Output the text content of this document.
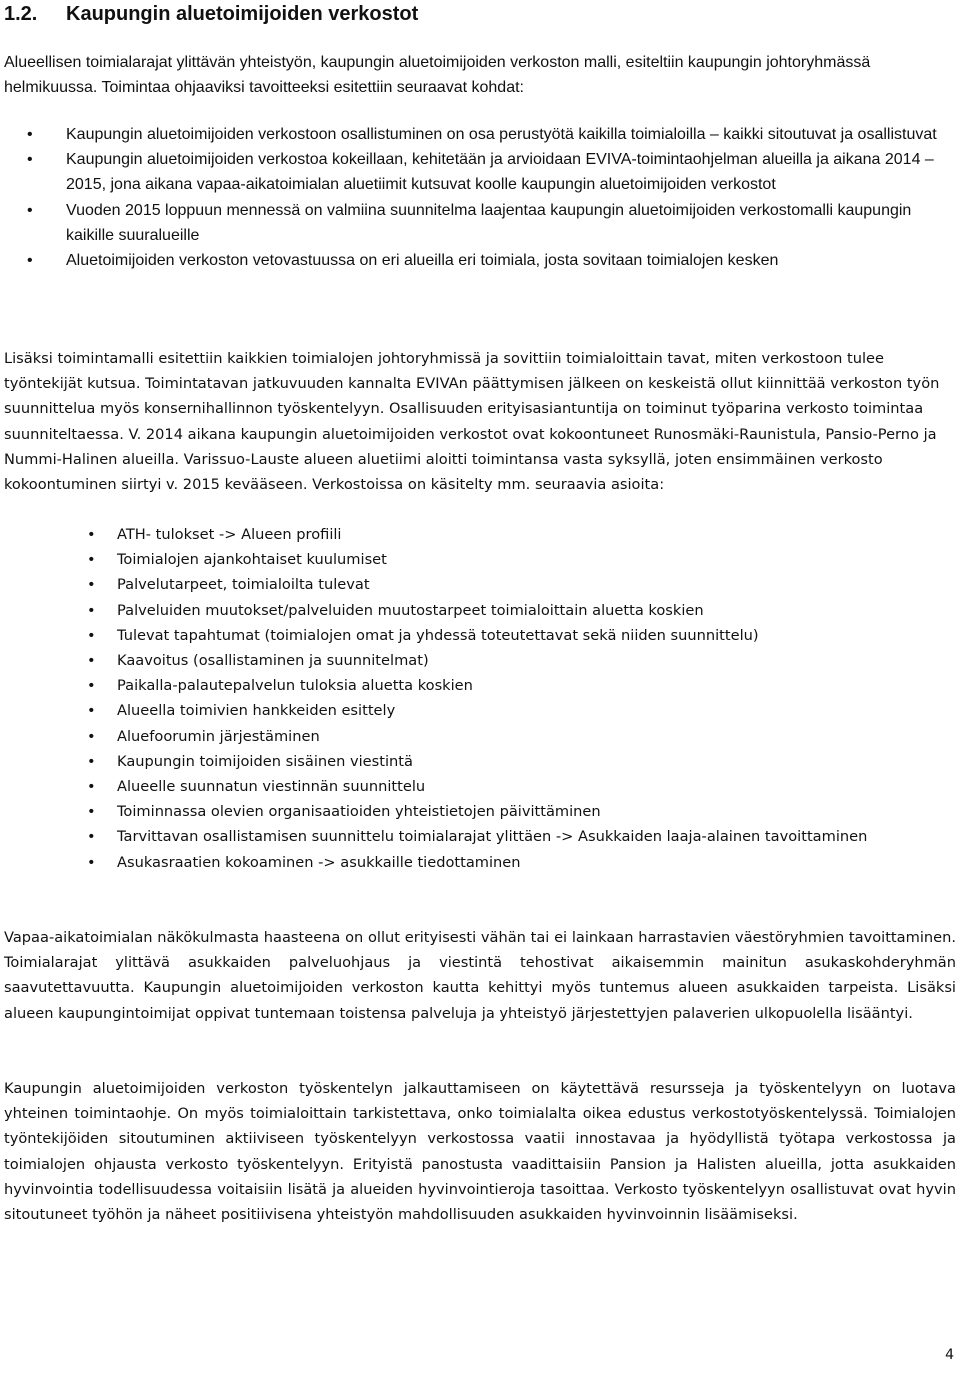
1.2. Kaupungin aluetoimijoiden verkostot

Alueellisen toimialarajat ylittävän yhteistyön, kaupungin aluetoimijoiden verkoston malli, esiteltiin kaupungin johtoryhmässä helmikuussa. Toimintaa ohjaaviksi tavoitteeksi esitettiin seuraavat kohdat:

• Kaupungin aluetoimijoiden verkostoon osallistuminen on osa perustyötä kaikilla toimialoilla – kaikki sitoutuvat ja osallistuvat
• Kaupungin aluetoimijoiden verkostoa kokeillaan, kehitetään ja arvioidaan EVIVA-toimintaohjelman alueilla ja aikana 2014 – 2015, jona aikana vapaa-aikatoimialan aluetiimit kutsuvat koolle kaupungin aluetoimijoiden verkostot
• Vuoden 2015 loppuun mennessä on valmiina suunnitelma laajentaa kaupungin aluetoimijoiden verkostomalli kaupungin kaikille suuralueille
• Aluetoimijoiden verkoston vetovastuussa on eri alueilla eri toimiala, josta sovitaan toimialojen kesken

Lisäksi toimintamalli esitettiin kaikkien toimialojen johtoryhmissä ja sovittiin toimialoittain tavat, miten verkostoon tulee työntekijät kutsua. Toimintatavan jatkuvuuden kannalta EVIVAn päättymisen jälkeen on keskeistä ollut kiinnittää verkoston työn suunnittelua myös konsernihallinnon työskentelyyn. Osallisuuden erityisasiantuntija on toiminut työparina verkosto toimintaa suunniteltaessa. V. 2014 aikana kaupungin aluetoimijoiden verkostot ovat kokoontuneet Runosmäki-Raunistula, Pansio-Perno ja Nummi-Halinen alueilla. Varissuo-Lauste alueen aluetiimi aloitti toimintansa vasta syksyllä, joten ensimmäinen verkosto kokoontuminen siirtyi v. 2015 kevääseen. Verkostoissa on käsitelty mm. seuraavia asioita:

• ATH- tulokset -> Alueen profiili
• Toimialojen ajankohtaiset kuulumiset
• Palvelutarpeet, toimialoilta tulevat
• Palveluiden muutokset/palveluiden muutostarpeet toimialoittain aluetta koskien
• Tulevat tapahtumat (toimialojen omat ja yhdessä toteutettavat sekä niiden suunnittelu)
• Kaavoitus (osallistaminen ja suunnitelmat)
• Paikalla-palautepalvelun tuloksia aluetta koskien
• Alueella toimivien hankkeiden esittely
• Aluefoorumin järjestäminen
• Kaupungin toimijoiden sisäinen viestintä
• Alueelle suunnatun viestinnän suunnittelu
• Toiminnassa olevien organisaatioiden yhteistietojen päivittäminen
• Tarvittavan osallistamisen suunnittelu toimialarajat ylittäen -> Asukkaiden laaja-alainen tavoittaminen
• Asukasraatien kokoaminen -> asukkaille tiedottaminen

Vapaa-aikatoimialan näkökulmasta haasteena on ollut erityisesti vähän tai ei lainkaan harrastavien väestöryhmien tavoittaminen. Toimialarajat ylittävä asukkaiden palveluohjaus ja viestintä tehostivat aikaisemmin mainitun asukaskohderyhmän saavutettavuutta. Kaupungin aluetoimijoiden verkoston kautta kehittyi myös tuntemus alueen asukkaiden tarpeista. Lisäksi alueen kaupungintoimijat oppivat tuntemaan toistensa palveluja ja yhteistyö järjestettyjen palaverien ulkopuolella lisääntyi.

Kaupungin aluetoimijoiden verkoston työskentelyn jalkauttamiseen on käytettävä resursseja ja työskentelyyn on luotava yhteinen toimintaohje. On myös toimialoittain tarkistettava, onko toimialalta oikea edustus verkostotyöskentelyssä. Toimialojen työntekijöiden sitoutuminen aktiiviseen työskentelyyn verkostossa vaatii innostavaa ja hyödyllistä työtapa verkostossa ja toimialojen ohjausta verkosto työskentelyyn. Erityistä panostusta vaadittaisiin Pansion ja Halisten alueilla, jotta asukkaiden hyvinvointia todellisuudessa voitaisiin lisätä ja alueiden hyvinvointieroja tasoittaa. Verkosto työskentelyyn osallistuvat ovat hyvin sitoutuneet työhön ja näheet positiivisena yhteistyön mahdollisuuden asukkaiden hyvinvoinnin lisäämiseksi.

4
